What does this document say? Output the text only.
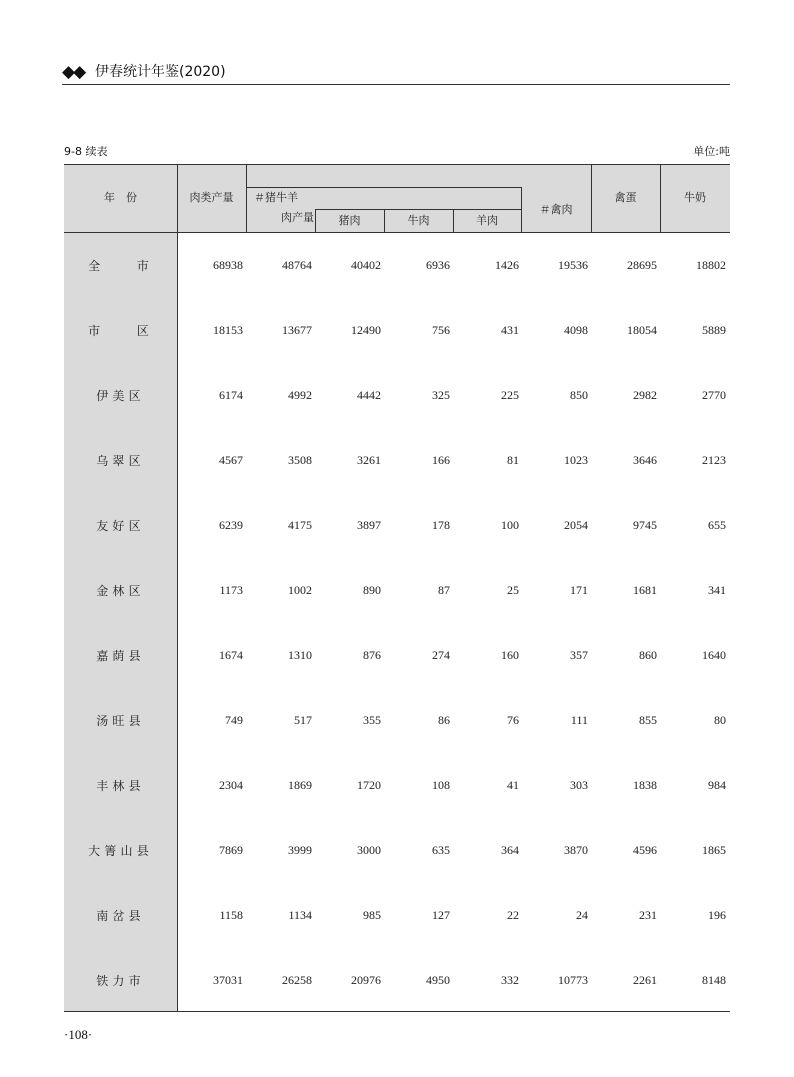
◆◆ 伊春统计年鉴(2020)
9-8 续表	单位:吨
年　份	肉类产量	＃猪牛羊
肉产量	猪肉	牛肉	羊肉
＃禽肉
禽蛋	牛奶
全　　市	68938	48764	40402	6936	1426	19536	28695	18802
市　　区	18153	13677	12490	756	431	4098	18054	5889
伊美区	6174	4992	4442	325	225	850	2982	2770
乌翠区	4567	3508	3261	166	81	1023	3646	2123
友好区	6239	4175	3897	178	100	2054	9745	655
金林区	1173	1002	890	87	25	171	1681	341
嘉荫县	1674	1310	876	274	160	357	860	1640
汤旺县	749	517	355	86	76	111	855	80
丰林县	2304	1869	1720	108	41	303	1838	984
大箐山县	7869	3999	3000	635	364	3870	4596	1865
南岔县	1158	1134	985	127	22	24	231	196
铁力市	37031	26258	20976	4950	332	10773	2261	8148
·108·
